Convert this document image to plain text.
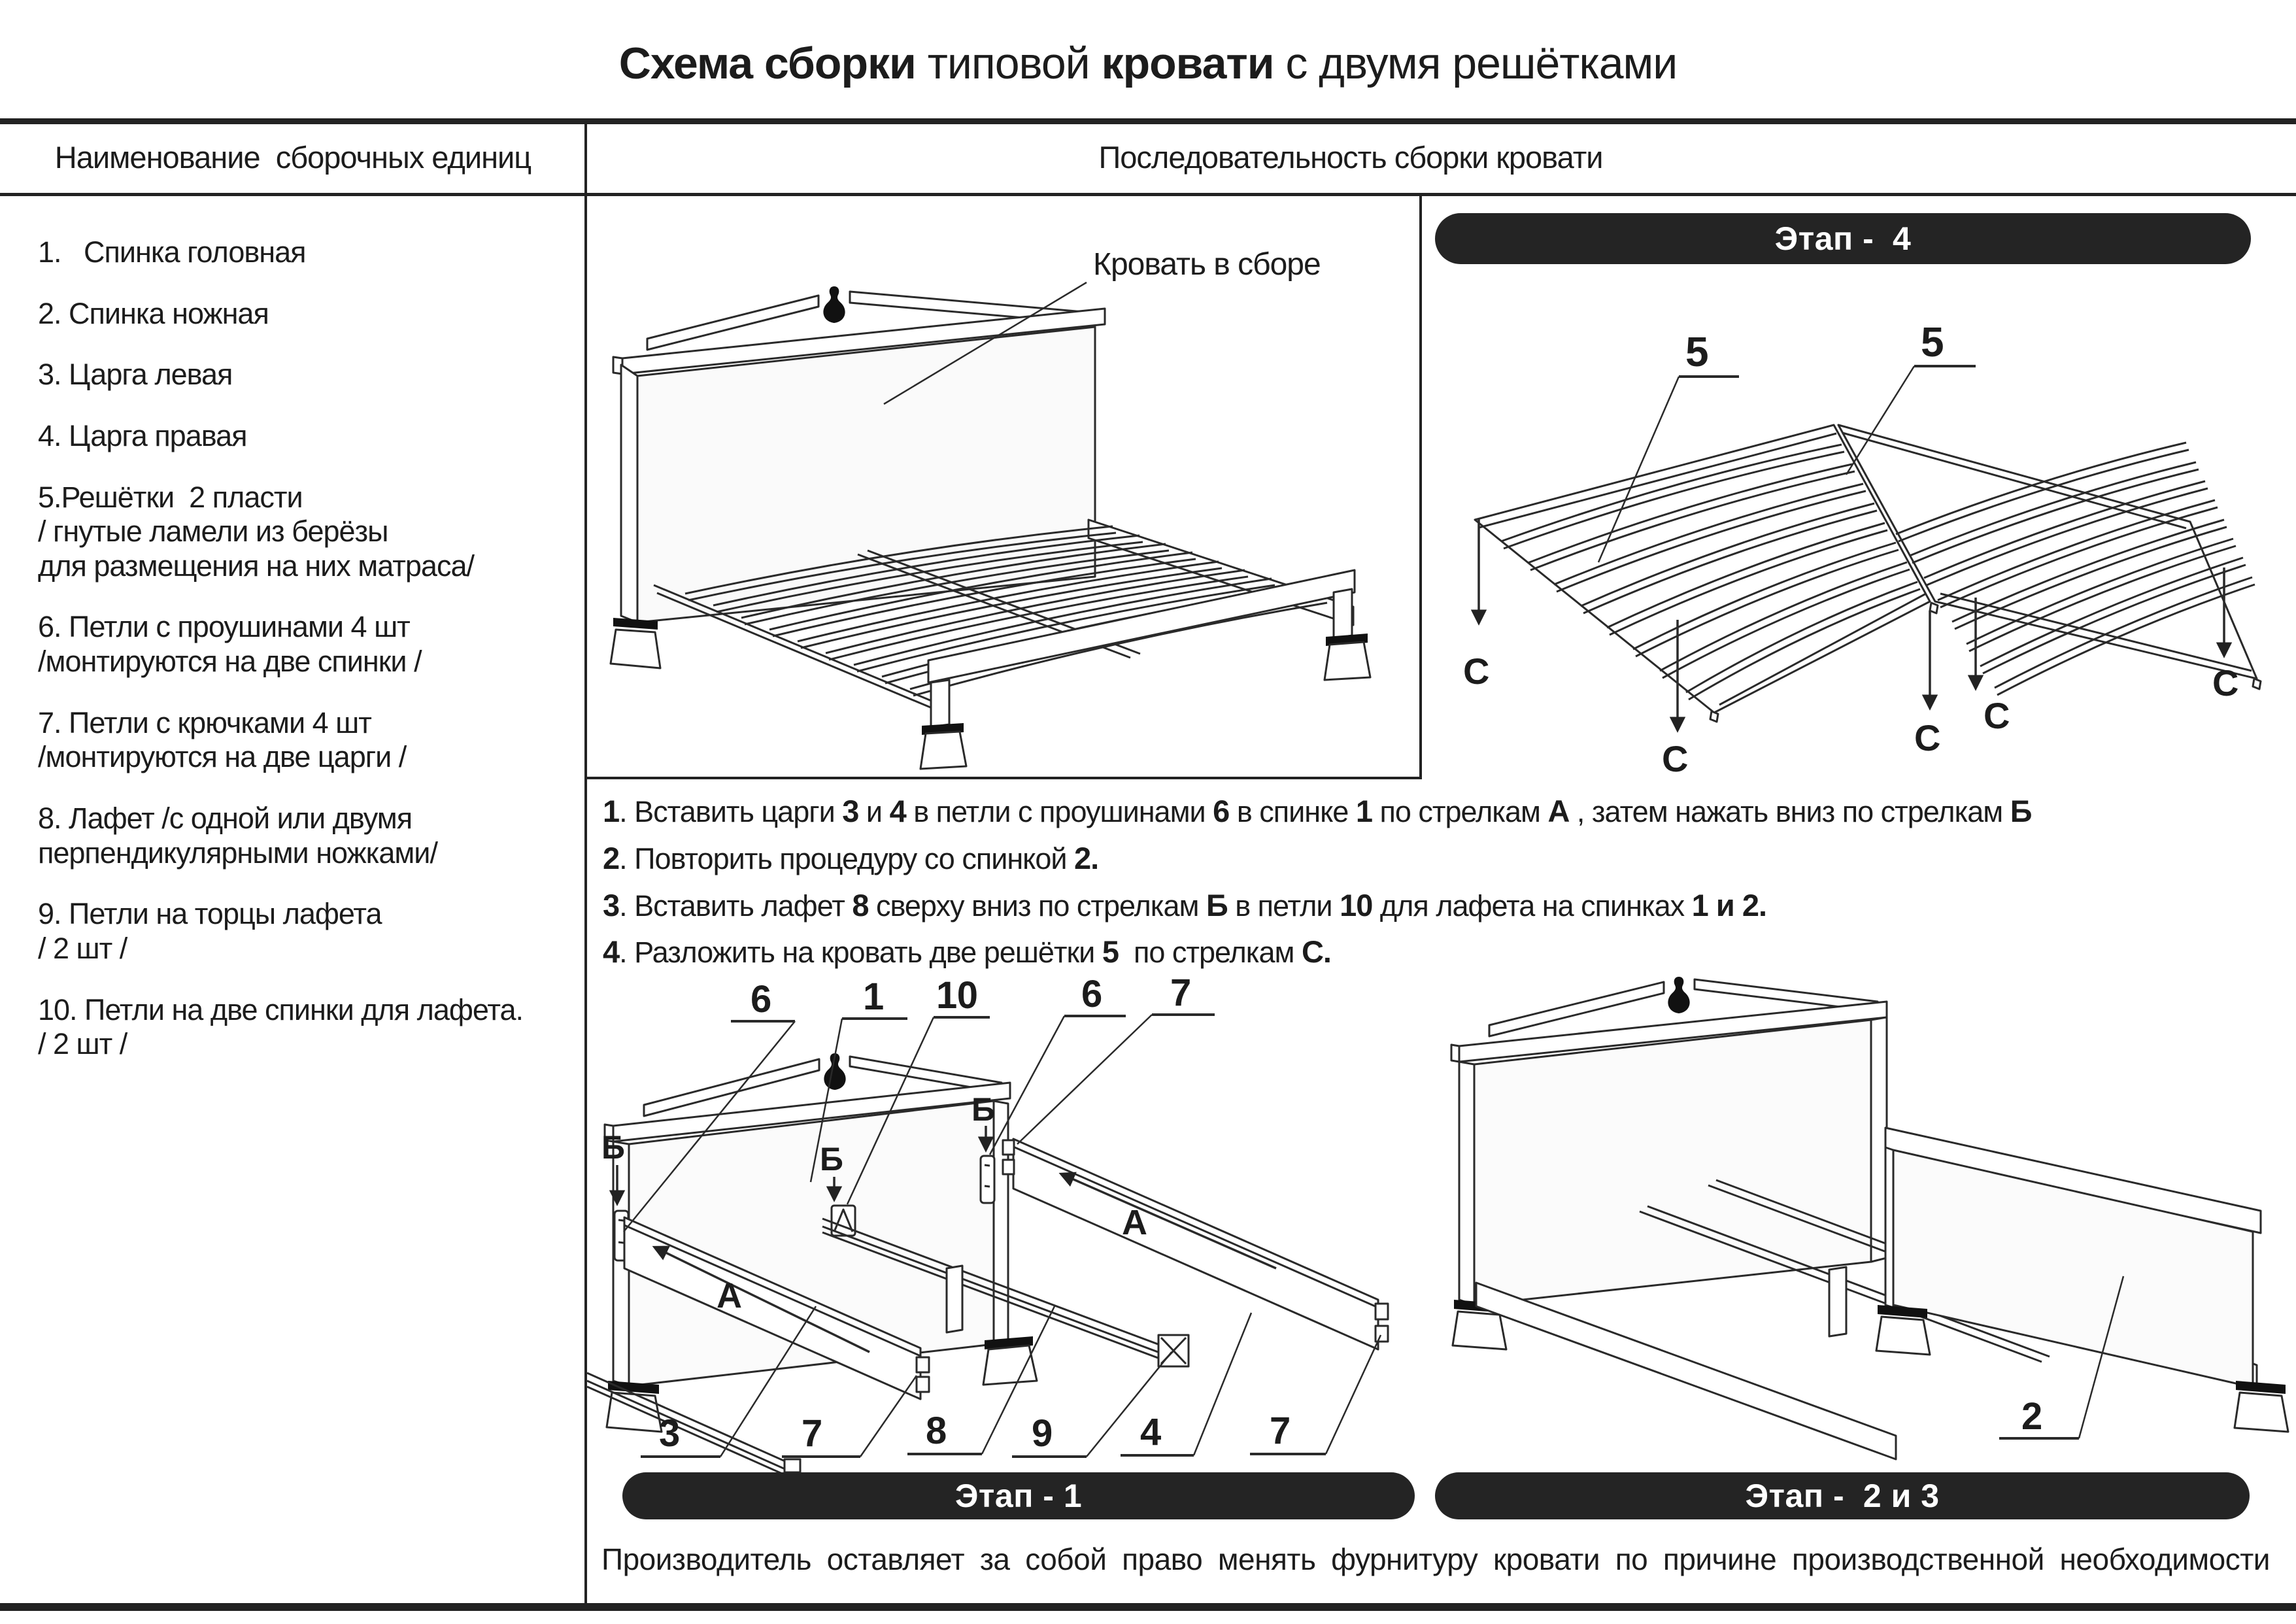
Схема сборки типовой кровати с двумя решётками
Наименование  сборочных единиц	Последовательность сборки кровати
1.   Спинка головная
2. Спинка ножная
3. Царга левая
4. Царга правая
5.Решётки  2 пласти
/ гнутые ламели из берёзы
для размещения на них матраса/
6. Петли с проушинами 4 шт
/монтируются на две спинки /
7. Петли с крючками 4 шт
/монтируются на две царги /
8. Лафет /с одной или двумя
перпендикулярными ножками/
9. Петли на торцы лафета
/ 2 шт /
10. Петли на две спинки для лафета.
/ 2 шт /
Кровать в сборе
Этап -  4
5	5
С
С
С
С
С
1. Вставить царги 3 и 4 в петли с проушинами 6 в спинке 1 по стрелкам А , затем нажать вниз по стрелкам Б
2. Повторить процедуру со спинкой 2.
3. Вставить лафет 8 сверху вниз по стрелкам Б в петли 10 для лафета на спинках 1 и 2.
4. Разложить на кровать две решётки 5  по стрелкам С.
6 1 10	6 7
3	7	8 9 4	7
Б
Б
Б
А
А
2
Этап - 1	Этап -  2 и 3
Производитель оставляет за собой право менять фурнитуру кровати по причине производственной необходимости
